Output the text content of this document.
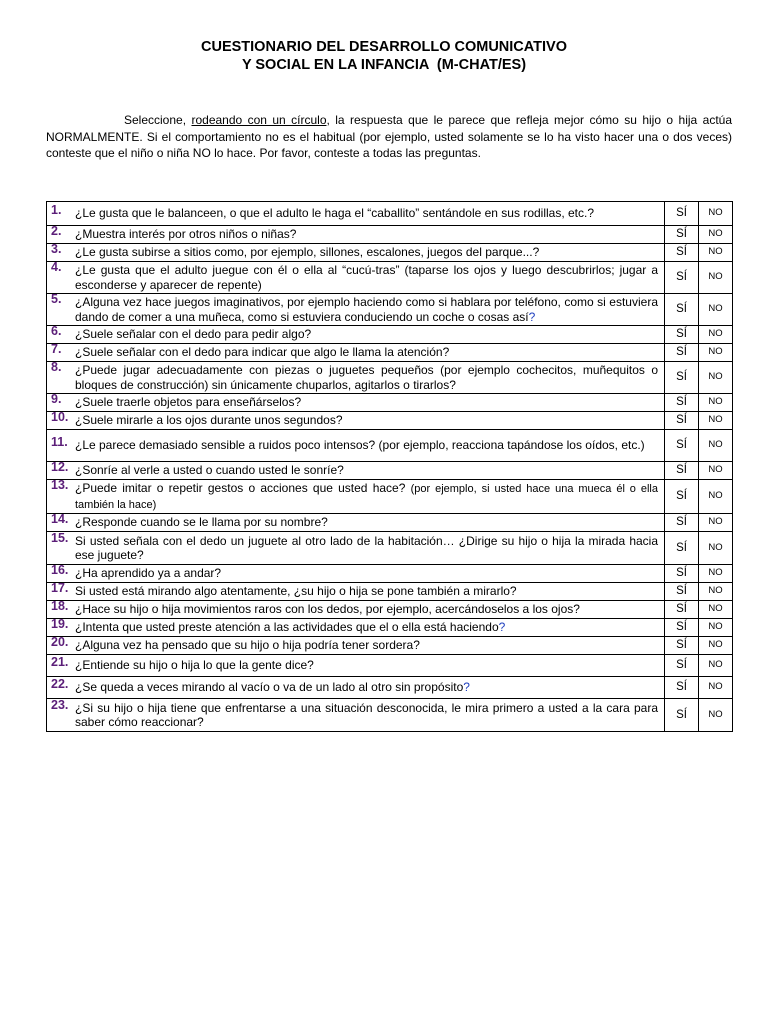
CUESTIONARIO DEL DESARROLLO COMUNICATIVO
Y SOCIAL EN LA INFANCIA  (M-CHAT/ES)
Seleccione, rodeando con un círculo, la respuesta que le parece que refleja mejor cómo su hijo o hija actúa NORMALMENTE. Si el comportamiento no es el habitual (por ejemplo, usted solamente se lo ha visto hacer una o dos veces) conteste que el niño o niña NO lo hace. Por favor, conteste a todas las preguntas.
1. ¿Le gusta que le balanceen, o que el adulto le haga el “caballito” sentándole en sus rodillas, etc.?	SÍ	NO

2. ¿Muestra interés por otros niños o niñas?	SÍ	NO

3. ¿Le gusta subirse a sitios como, por ejemplo, sillones, escalones, juegos del parque...?	SÍ	NO

4. ¿Le gusta que el adulto juegue con él o ella al “cucú-tras” (taparse los ojos y luego descubrirlos; jugar a esconderse y aparecer de repente)	SÍ	NO

5. ¿Alguna vez hace juegos imaginativos, por ejemplo haciendo como si hablara por teléfono, como si estuviera dando de comer a una muñeca, como si estuviera conduciendo un coche o cosas así?	SÍ	NO

6. ¿Suele señalar con el dedo para pedir algo?	SÍ	NO

7. ¿Suele señalar con el dedo para indicar que algo le llama la atención?	SÍ	NO

8. ¿Puede jugar adecuadamente con piezas o juguetes pequeños (por ejemplo cochecitos, muñequitos o bloques de construcción) sin únicamente chuparlos, agitarlos o tirarlos?	SÍ	NO

9. ¿Suele traerle objetos para enseñárselos?	SÍ	NO

10. ¿Suele mirarle a los ojos durante unos segundos?	SÍ	NO

11. ¿Le parece demasiado sensible a ruidos poco intensos? (por ejemplo, reacciona tapándose los oídos, etc.)	SÍ	NO

12. ¿Sonríe al verle a usted o cuando usted le sonríe?	SÍ	NO

13. ¿Puede imitar o repetir gestos o acciones que usted hace? (por ejemplo, si usted hace una mueca él o ella también la hace)	SÍ	NO

14. ¿Responde cuando se le llama por su nombre?	SÍ	NO

15. Si usted señala con el dedo un juguete al otro lado de la habitación… ¿Dirige su hijo o hija la mirada hacia ese juguete?	SÍ	NO

16. ¿Ha aprendido ya a andar?	SÍ	NO

17. Si usted está mirando algo atentamente, ¿su hijo o hija se pone también a mirarlo?	SÍ	NO

18. ¿Hace su hijo o hija movimientos raros con los dedos, por ejemplo, acercándoselos a los ojos?	SÍ	NO

19. ¿Intenta que usted preste atención a las actividades que el o ella está haciendo?	SÍ	NO

20. ¿Alguna vez ha pensado que su hijo o hija podría tener sordera?	SÍ	NO

21. ¿Entiende su hijo o hija lo que la gente dice?	SÍ	NO

22. ¿Se queda a veces mirando al vacío o va de un lado al otro sin propósito?	SÍ	NO

23. ¿Si su hijo o hija tiene que enfrentarse a una situación desconocida, le mira primero a usted a la cara para saber cómo reaccionar?	SÍ	NO
